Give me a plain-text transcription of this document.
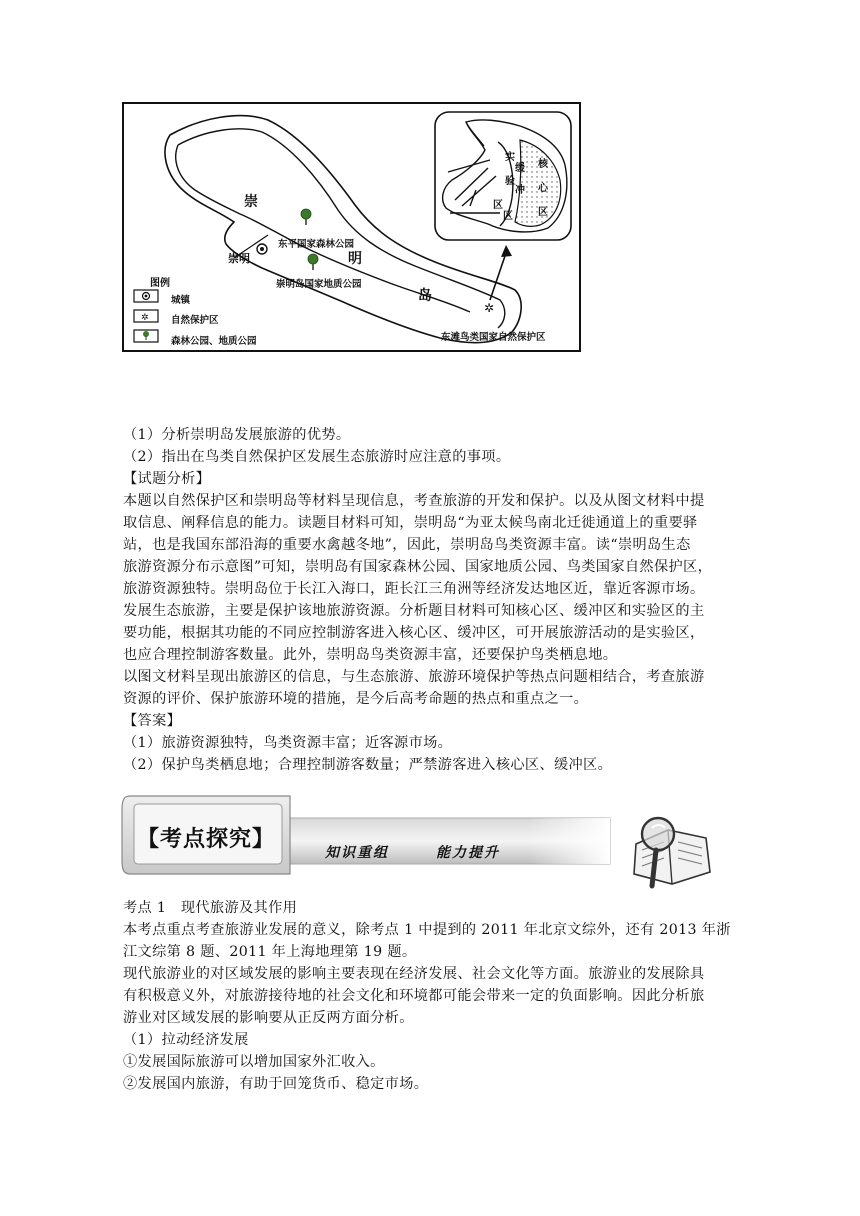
✲
崇
明
岛
崇明
东平国家森林公园
崇明岛国家地质公园
东滩鸟类国家自然保护区
图例
✲
城镇
自然保护区
森林公园、地质公园
实
验
区
缓
冲
区
核
心
区
（1）分析崇明岛发展旅游的优势。
（2）指出在鸟类自然保护区发展生态旅游时应注意的事项。
【试题分析】
本题以自然保护区和崇明岛等材料呈现信息，考查旅游的开发和保护。以及从图文材料中提
取信息、阐释信息的能力。读题目材料可知，崇明岛“为亚太候鸟南北迁徙通道上的重要驿
站，也是我国东部沿海的重要水禽越冬地”，因此，崇明岛鸟类资源丰富。读“崇明岛生态
旅游资源分布示意图”可知，崇明岛有国家森林公园、国家地质公园、鸟类国家自然保护区，
旅游资源独特。崇明岛位于长江入海口，距长江三角洲等经济发达地区近，靠近客源市场。
发展生态旅游，主要是保护该地旅游资源。分析题目材料可知核心区、缓冲区和实验区的主
要功能，根据其功能的不同应控制游客进入核心区、缓冲区，可开展旅游活动的是实验区，
也应合理控制游客数量。此外，崇明岛鸟类资源丰富，还要保护鸟类栖息地。
以图文材料呈现出旅游区的信息，与生态旅游、旅游环境保护等热点问题相结合，考查旅游
资源的评价、保护旅游环境的措施，是今后高考命题的热点和重点之一。
【答案】
（1）旅游资源独特，鸟类资源丰富；近客源市场。
（2）保护鸟类栖息地；合理控制游客数量；严禁游客进入核心区、缓冲区。
【考点探究】
知识重组	能力提升
考点 1　现代旅游及其作用
本考点重点考查旅游业发展的意义，除考点 1 中提到的 2011 年北京文综外，还有 2013 年浙
江文综第 8 题、2011 年上海地理第 19 题。
现代旅游业的对区域发展的影响主要表现在经济发展、社会文化等方面。旅游业的发展除具
有积极意义外，对旅游接待地的社会文化和环境都可能会带来一定的负面影响。因此分析旅
游业对区域发展的影响要从正反两方面分析。
（1）拉动经济发展
①发展国际旅游可以增加国家外汇收入。
②发展国内旅游，有助于回笼货币、稳定市场。
